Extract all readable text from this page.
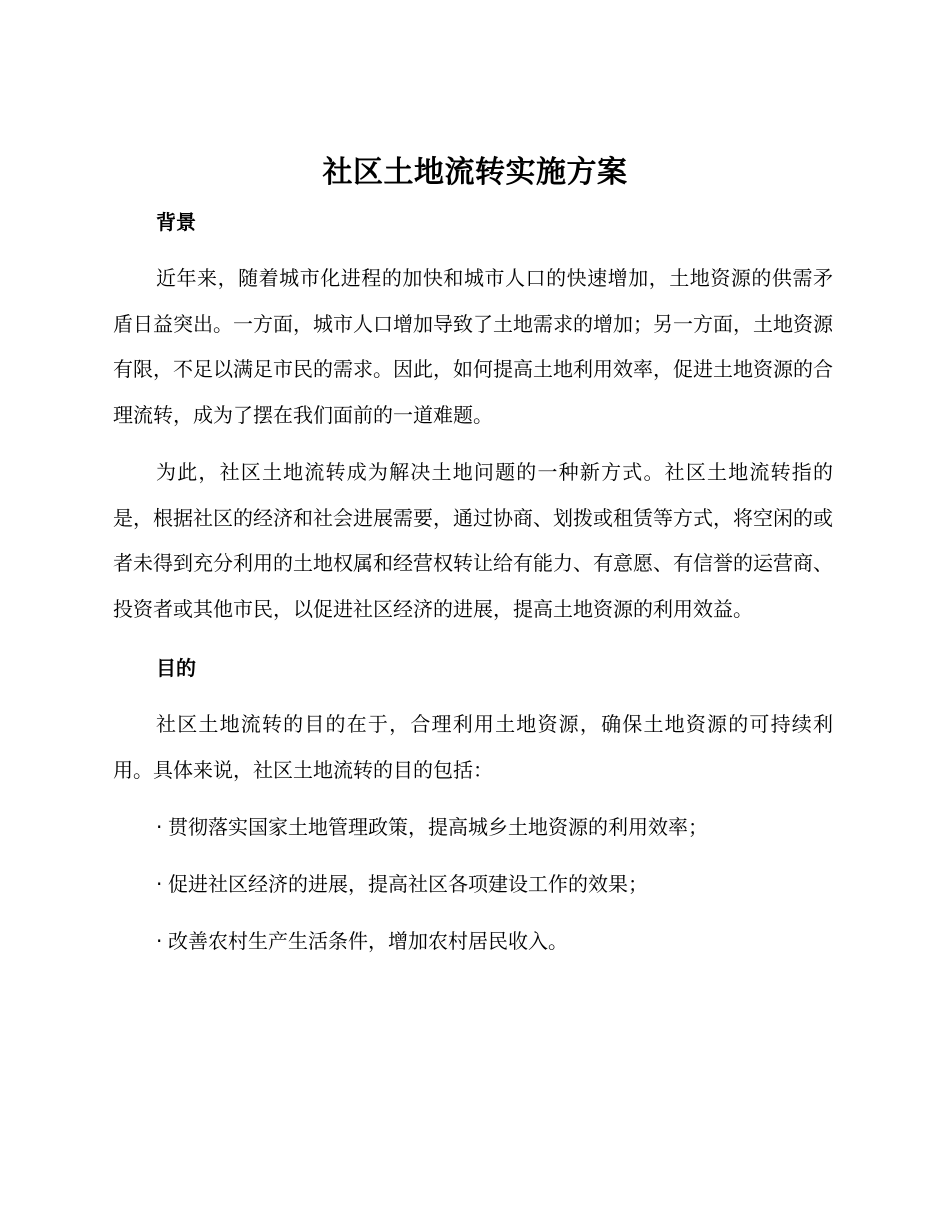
社区土地流转实施方案
背景

近年来，随着城市化进程的加快和城市人口的快速增加，土地资源的供需矛盾日益突出。一方面，城市人口增加导致了土地需求的增加；另一方面，土地资源有限，不足以满足市民的需求。因此，如何提高土地利用效率，促进土地资源的合理流转，成为了摆在我们面前的一道难题。

为此，社区土地流转成为解决土地问题的一种新方式。社区土地流转指的是，根据社区的经济和社会进展需要，通过协商、划拨或租赁等方式，将空闲的或者未得到充分利用的土地权属和经营权转让给有能力、有意愿、有信誉的运营商、投资者或其他市民，以促进社区经济的进展，提高土地资源的利用效益。

目的

社区土地流转的目的在于，合理利用土地资源，确保土地资源的可持续利用。具体来说，社区土地流转的目的包括：

· 贯彻落实国家土地管理政策，提高城乡土地资源的利用效率；
· 促进社区经济的进展，提高社区各项建设工作的效果；
· 改善农村生产生活条件，增加农村居民收入。
